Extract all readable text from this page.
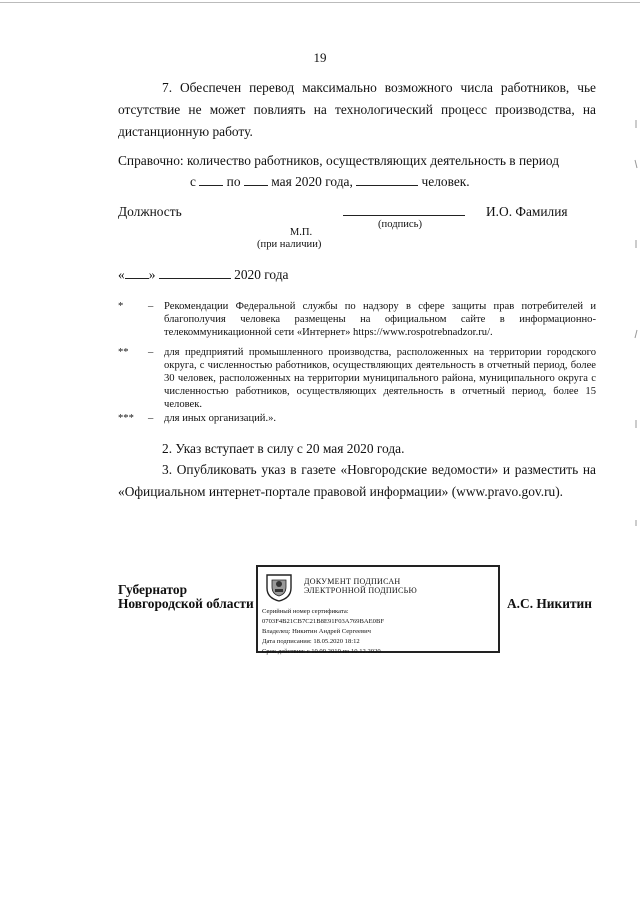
19
7. Обеспечен перевод максимально возможного числа работников, чье отсутствие не может повлиять на технологический процесс производства, на дистанционную работу.
Справочно: количество работников, осуществляющих деятельность в период
с по мая 2020 года,	человек.
Должность	И.О. Фамилия
(подпись)
М.П.
(при наличии)
« »	2020 года
* – Рекомендации Федеральной службы по надзору в сфере защиты прав потребителей и благополучия человека размещены на официальном сайте в информационно-телекоммуникационной сети «Интернет» https://www.rospotrebnadzor.ru/.
** – для предприятий промышленного производства, расположенных на территории городского округа, с численностью работников, осуществляющих деятельность в отчетный период, более 30 человек, расположенных на территории муниципального района, муниципального округа с численностью работников, осуществляющих деятельность в отчетный период, более 15 человек.
*** – для иных организаций.».
2. Указ вступает в силу с 20 мая 2020 года.
3. Опубликовать указ в газете «Новгородские ведомости» и разместить на «Официальном интернет-портале правовой информации» (www.pravo.gov.ru).
Губернатор
Новгородской области	А.С. Никитин
ДОКУМЕНТ ПОДПИСАН
ЭЛЕКТРОННОЙ ПОДПИСЬЮ
Серийный номер сертификата:
0703F4B21CB7C21B8E91F03A769BAE0BF
Владелец: Никитин Андрей Сергеевич
Дата подписания: 18.05.2020 18:12
Срок действия: с 10.09.2019 по 10.12.2020
